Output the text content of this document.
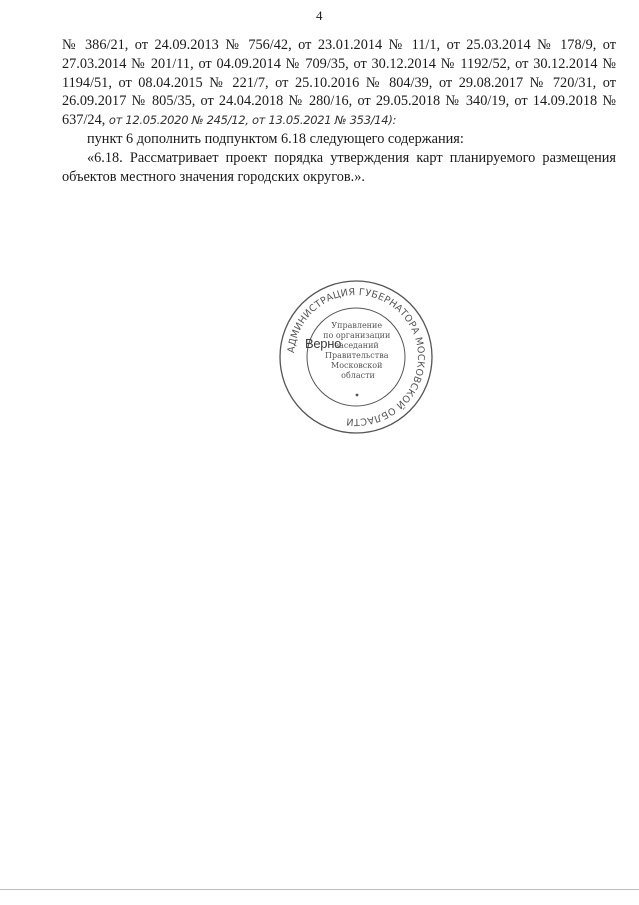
4

№ 386/21, от 24.09.2013 № 756/42, от 23.01.2014 № 11/1, от 25.03.2014 № 178/9, от 27.03.2014 № 201/11, от 04.09.2014 № 709/35, от 30.12.2014 № 1192/52, от 30.12.2014 № 1194/51, от 08.04.2015 № 221/7, от 25.10.2016 № 804/39, от 29.08.2017 № 720/31, от 26.09.2017 № 805/35, от 24.04.2018 № 280/16, от 29.05.2018 № 340/19, от 14.09.2018 № 637/24, от 12.05.2020 № 245/12, от 13.05.2021 № 353/14):

пункт 6 дополнить подпунктом 6.18 следующего содержания:

«6.18. Рассматривает проект порядка утверждения карт планируемого размещения объектов местного значения городских округов.».

АДМИНИСТРАЦИЯ ГУБЕРНАТОРА МОСКОВСКОЙ ОБЛАСТИ
Управление по организации заседаний Правительства Московской области
Верно
